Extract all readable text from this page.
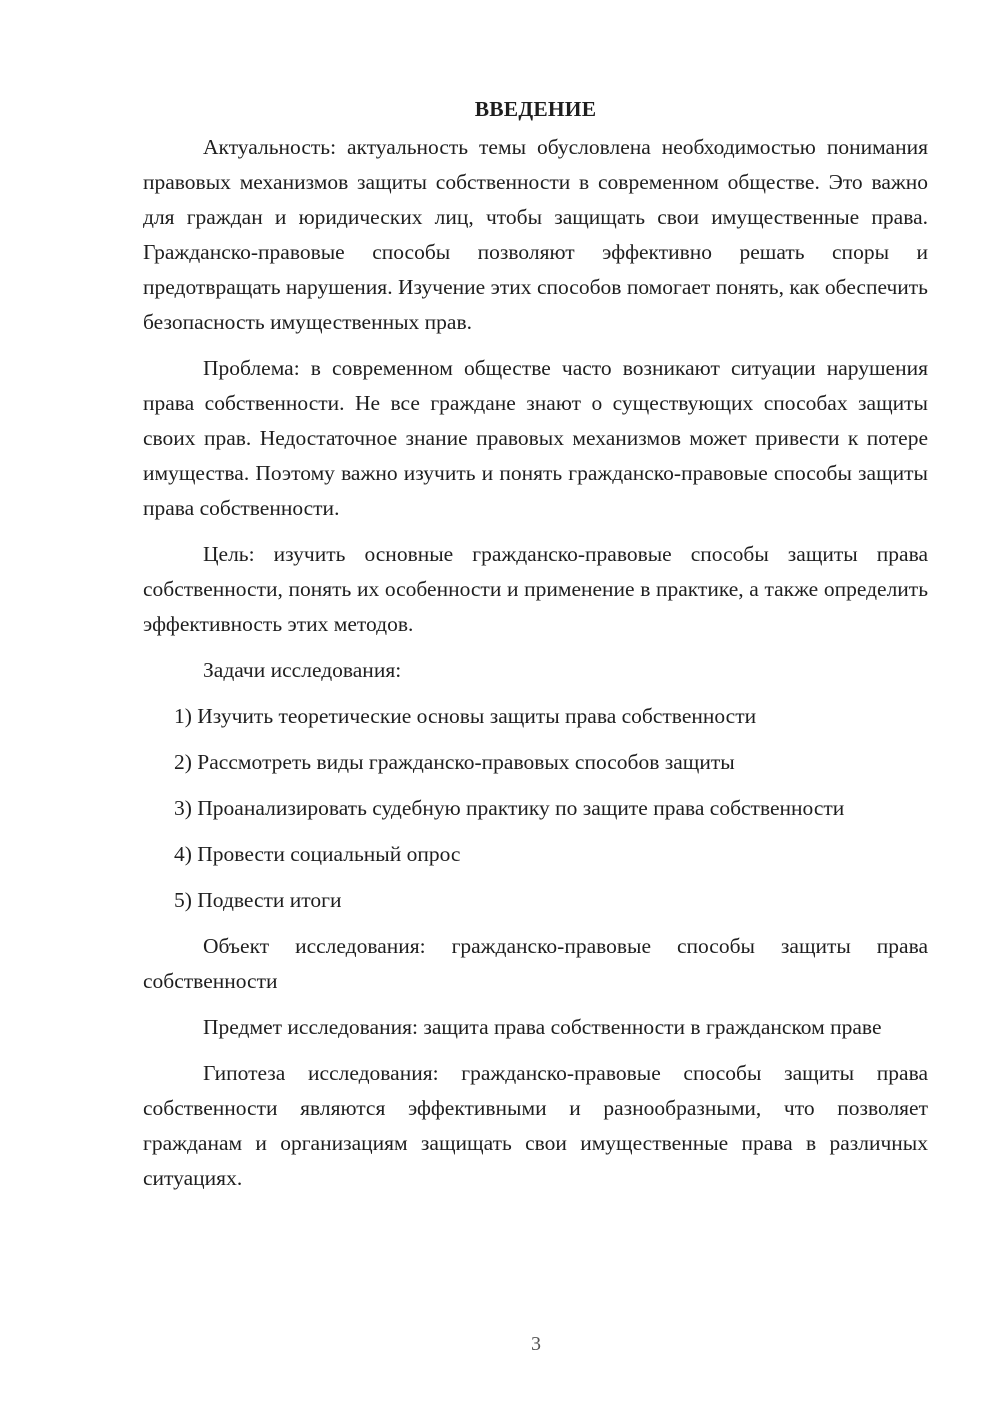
ВВЕДЕНИЕ

Актуальность: актуальность темы обусловлена необходимостью понимания правовых механизмов защиты собственности в современном обществе. Это важно для граждан и юридических лиц, чтобы защищать свои имущественные права. Гражданско-правовые способы позволяют эффективно решать споры и предотвращать нарушения. Изучение этих способов помогает понять, как обеспечить безопасность имущественных прав.

Проблема: в современном обществе часто возникают ситуации нарушения права собственности. Не все граждане знают о существующих способах защиты своих прав. Недостаточное знание правовых механизмов может привести к потере имущества. Поэтому важно изучить и понять гражданско-правовые способы защиты права собственности.

Цель: изучить основные гражданско-правовые способы защиты права собственности, понять их особенности и применение в практике, а также определить эффективность этих методов.

Задачи исследования:

1) Изучить теоретические основы защиты права собственности

2) Рассмотреть виды гражданско-правовых способов защиты

3) Проанализировать судебную практику по защите права собственности

4) Провести социальный опрос

5) Подвести итоги

Объект исследования: гражданско-правовые способы защиты права собственности

Предмет исследования: защита права собственности в гражданском праве

Гипотеза исследования: гражданско-правовые способы защиты права собственности являются эффективными и разнообразными, что позволяет гражданам и организациям защищать свои имущественные права в различных ситуациях.

3
